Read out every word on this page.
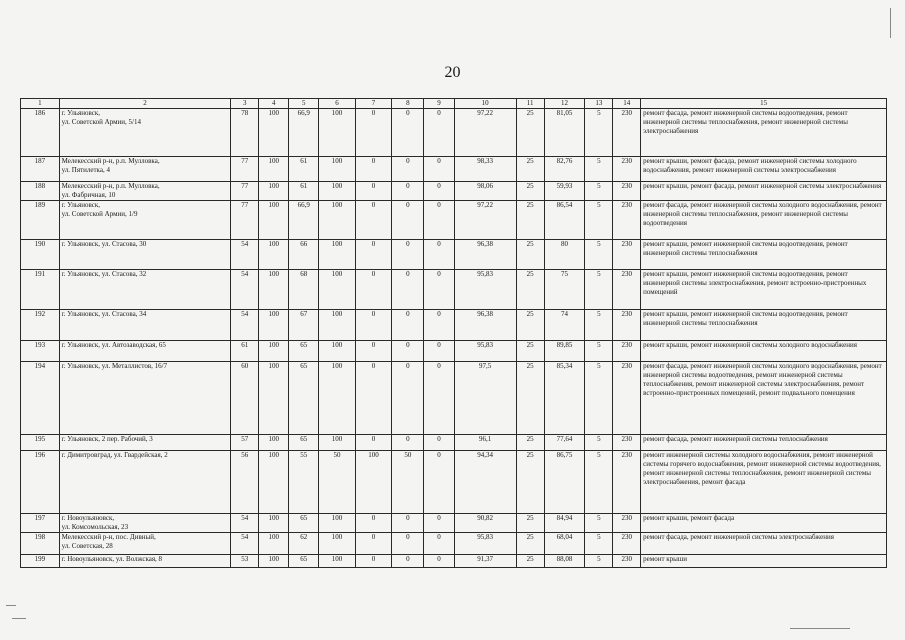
20
1	2	3	4	5	6	7	8	9	10	11	12	13	14	15
186	г. Ульяновск,
ул. Советской Армии, 5/14	78	100	66,9	100	0	0	0	97,22	25	81,05	5	230	ремонт фасада, ремонт инженерной системы водоотведения, ремонт инженерной системы теплоснабжения, ремонт инженерной системы электроснабжения
187	Мелекесский р-н, р.п. Мулловка,
ул. Пятилетка, 4	77	100	61	100	0	0	0	98,33	25	82,76	5	230	ремонт крыши, ремонт фасада, ремонт инженерной системы холодного водоснабжения, ремонт инженерной системы электроснабжения
188	Мелекесский р-н, р.п. Мулловка,
ул. Фабричная, 10	77	100	61	100	0	0	0	98,06	25	59,93	5	230	ремонт крыши, ремонт фасада, ремонт инженерной системы электроснабжения
189	г. Ульяновск,
ул. Советской Армии, 1/9	77	100	66,9	100	0	0	0	97,22	25	86,54	5	230	ремонт фасада, ремонт инженерной системы холодного водоснабжения, ремонт инженерной системы теплоснабжения, ремонт инженерной системы водоотведения
190	г. Ульяновск, ул. Стасова, 30	54	100	66	100	0	0	0	96,38	25	80	5	230	ремонт крыши, ремонт инженерной системы водоотведения, ремонт инженерной системы теплоснабжения
191	г. Ульяновск, ул. Стасова, 32	54	100	68	100	0	0	0	95,83	25	75	5	230	ремонт крыши, ремонт инженерной системы водоотведения, ремонт инженерной системы электроснабжения, ремонт встроенно-пристроенных помещений
192	г. Ульяновск, ул. Стасова, 34	54	100	67	100	0	0	0	96,38	25	74	5	230	ремонт крыши, ремонт инженерной системы водоотведения, ремонт инженерной системы теплоснабжения
193	г. Ульяновск, ул. Автозаводская, 65	61	100	65	100	0	0	0	95,83	25	89,85	5	230	ремонт крыши, ремонт инженерной системы холодного водоснабжения
194	г. Ульяновск, ул. Металлистов, 16/7	60	100	65	100	0	0	0	97,5	25	85,34	5	230	ремонт фасада, ремонт инженерной системы холодного водоснабжения, ремонт инженерной системы водоотведения, ремонт инженерной системы теплоснабжения, ремонт инженерной системы электроснабжения, ремонт встроенно-пристроенных помещений, ремонт подвального помещения
195	г. Ульяновск, 2 пер. Рабочий, 3	57	100	65	100	0	0	0	96,1	25	77,64	5	230	ремонт фасада, ремонт инженерной системы теплоснабжения
196	г. Димитровград, ул. Гвардейская, 2	56	100	55	50	100	50	0	94,34	25	86,75	5	230	ремонт инженерной системы холодного водоснабжения, ремонт инженерной системы горячего водоснабжения, ремонт инженерной системы водоотведения, ремонт инженерной системы теплоснабжения, ремонт инженерной системы электроснабжения, ремонт фасада
197	г. Новоульяновск,
ул. Комсомольская, 23	54	100	65	100	0	0	0	90,82	25	84,94	5	230	ремонт крыши, ремонт фасада
198	Мелекесский р-н, пос. Дивный,
ул. Советская, 28	54	100	62	100	0	0	0	95,83	25	68,04	5	230	ремонт фасада, ремонт инженерной системы электроснабжения
199	г. Новоульяновск, ул. Волжская, 8	53	100	65	100	0	0	0	91,37	25	88,08	5	230	ремонт крыши
